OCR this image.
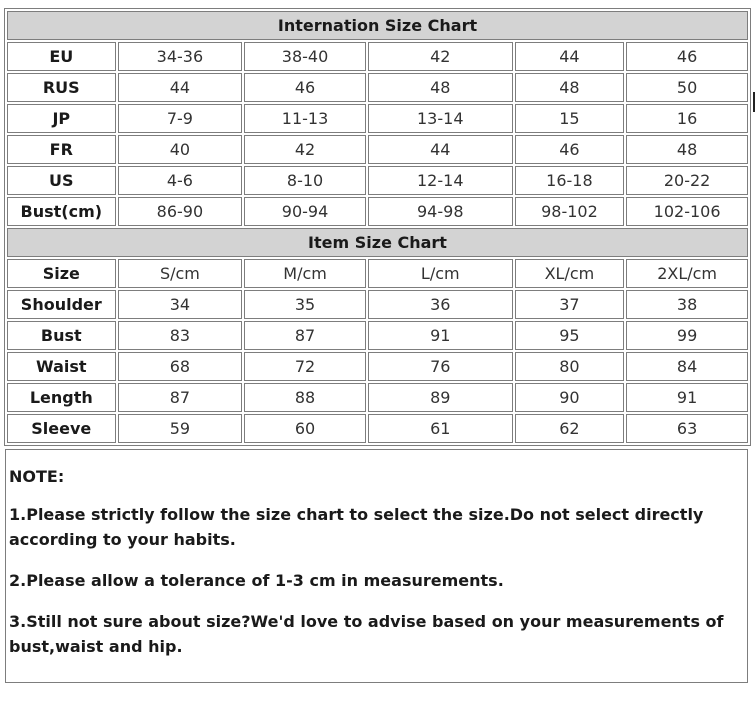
Internation Size Chart					
EU	34-36	38-40	42	44	46
RUS	44	46	48	48	50
JP	7-9	11-13	13-14	15	16
FR	40	42	44	46	48
US	4-6	8-10	12-14	16-18	20-22
Bust(cm)	86-90	90-94	94-98	98-102	102-106
Item Size Chart					
Size	S/cm	M/cm	L/cm	XL/cm	2XL/cm
Shoulder	34	35	36	37	38
Bust	83	87	91	95	99
Waist	68	72	76	80	84
Length	87	88	89	90	91
Sleeve	59	60	61	62	63

NOTE:

1.Please strictly follow the size chart to select the size.Do not select directly according to your habits.

2.Please allow a tolerance of 1-3 cm in measurements.

3.Still not sure about size?We'd love to advise based on your measurements of bust,waist and hip.
